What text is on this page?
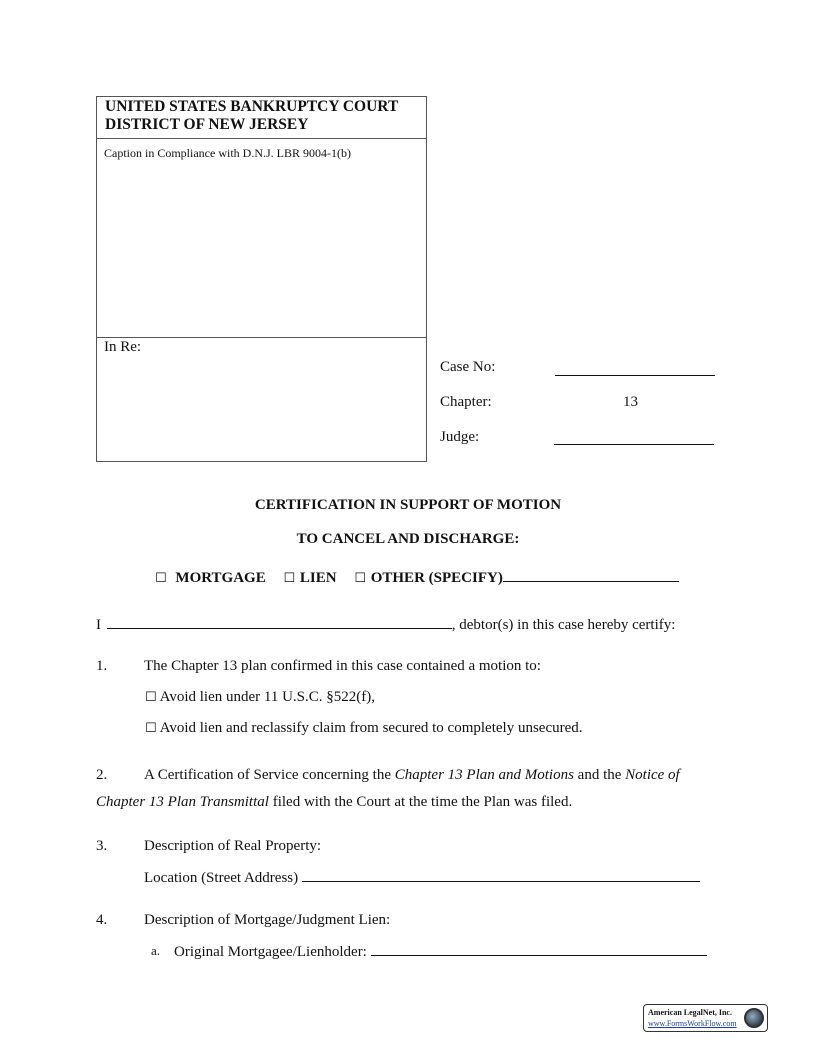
UNITED STATES BANKRUPTCY COURT
DISTRICT OF NEW JERSEY
Caption in Compliance with D.N.J. LBR 9004-1(b)
In Re:
Case No:
Chapter:	13
Judge:
CERTIFICATION IN SUPPORT OF MOTION
TO CANCEL AND DISCHARGE:
☐ MORTGAGE ☐ LIEN ☐ OTHER (SPECIFY)
I	, debtor(s) in this case hereby certify:
1. The Chapter 13 plan confirmed in this case contained a motion to:
☐ Avoid lien under 11 U.S.C. §522(f),
☐ Avoid lien and reclassify claim from secured to completely unsecured.
2. A Certification of Service concerning the Chapter 13 Plan and Motions and the Notice of
Chapter 13 Plan Transmittal filed with the Court at the time the Plan was filed.
3. Description of Real Property:
Location (Street Address)
4. Description of Mortgage/Judgment Lien:
a. Original Mortgagee/Lienholder:
American LegalNet, Inc.
www.FormsWorkFlow.com
